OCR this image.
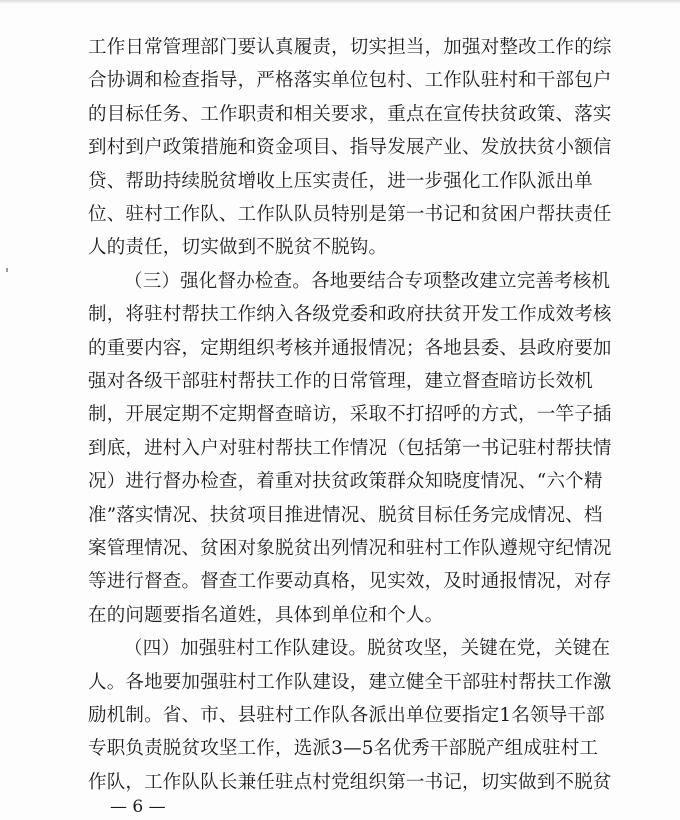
工作日常管理部门要认真履责，切实担当，加强对整改工作的综
合协调和检查指导，严格落实单位包村、工作队驻村和干部包户
的目标任务、工作职责和相关要求，重点在宣传扶贫政策、落实
到村到户政策措施和资金项目、指导发展产业、发放扶贫小额信
贷、帮助持续脱贫增收上压实责任，进一步强化工作队派出单
位、驻村工作队、工作队队员特别是第一书记和贫困户帮扶责任
人的责任，切实做到不脱贫不脱钩。
（三）强化督办检查。各地要结合专项整改建立完善考核机
制，将驻村帮扶工作纳入各级党委和政府扶贫开发工作成效考核
的重要内容，定期组织考核并通报情况；各地县委、县政府要加
强对各级干部驻村帮扶工作的日常管理，建立督查暗访长效机
制，开展定期不定期督查暗访，采取不打招呼的方式，一竿子插
到底，进村入户对驻村帮扶工作情况（包括第一书记驻村帮扶情
况）进行督办检查，着重对扶贫政策群众知晓度情况、“六个精
准”落实情况、扶贫项目推进情况、脱贫目标任务完成情况、档
案管理情况、贫困对象脱贫出列情况和驻村工作队遵规守纪情况
等进行督查。督查工作要动真格，见实效，及时通报情况，对存
在的问题要指名道姓，具体到单位和个人。
（四）加强驻村工作队建设。脱贫攻坚，关键在党，关键在
人。各地要加强驻村工作队建设，建立健全干部驻村帮扶工作激
励机制。省、市、县驻村工作队各派出单位要指定1名领导干部
专职负责脱贫攻坚工作，选派3—5名优秀干部脱产组成驻村工
作队，工作队队长兼任驻点村党组织第一书记，切实做到不脱贫
— 6 —
